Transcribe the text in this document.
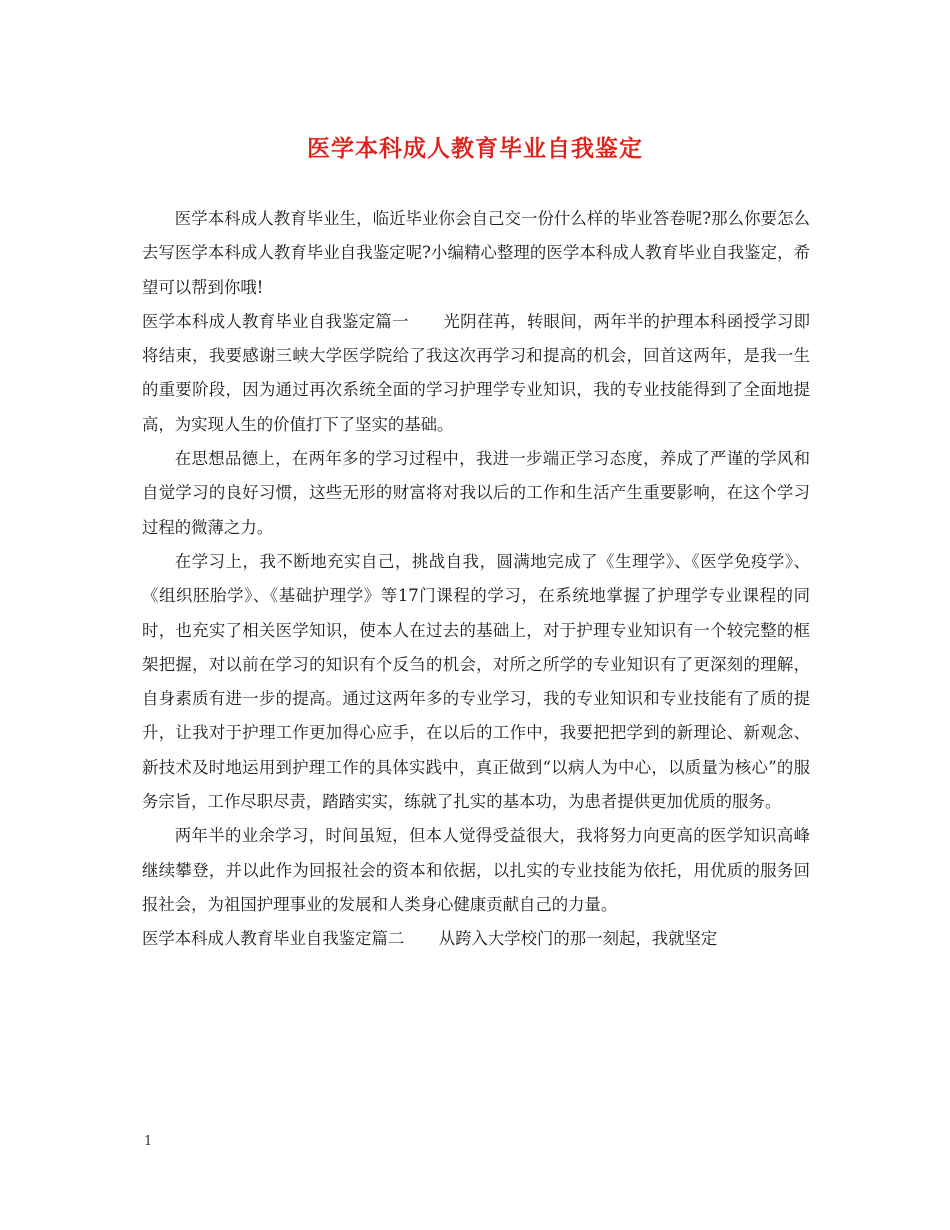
医学本科成人教育毕业自我鉴定

医学本科成人教育毕业生，临近毕业你会自己交一份什么样的毕业答卷呢?那么你要怎么去写医学本科成人教育毕业自我鉴定呢?小编精心整理的医学本科成人教育毕业自我鉴定，希望可以帮到你哦!

医学本科成人教育毕业自我鉴定篇一 光阴荏苒，转眼间，两年半的护理本科函授学习即将结束，我要感谢三峡大学医学院给了我这次再学习和提高的机会，回首这两年，是我一生的重要阶段，因为通过再次系统全面的学习护理学专业知识，我的专业技能得到了全面地提高，为实现人生的价值打下了坚实的基础。

在思想品德上，在两年多的学习过程中，我进一步端正学习态度，养成了严谨的学风和自觉学习的良好习惯，这些无形的财富将对我以后的工作和生活产生重要影响，在这个学习过程的微薄之力。

在学习上，我不断地充实自己，挑战自我，圆满地完成了《生理学》、《医学免疫学》、《组织胚胎学》、《基础护理学》等17门课程的学习，在系统地掌握了护理学专业课程的同时，也充实了相关医学知识，使本人在过去的基础上，对于护理专业知识有一个较完整的框架把握，对以前在学习的知识有个反刍的机会，对所之所学的专业知识有了更深刻的理解，自身素质有进一步的提高。通过这两年多的专业学习，我的专业知识和专业技能有了质的提升，让我对于护理工作更加得心应手，在以后的工作中，我要把把学到的新理论、新观念、新技术及时地运用到护理工作的具体实践中，真正做到“以病人为中心，以质量为核心”的服务宗旨，工作尽职尽责，踏踏实实，练就了扎实的基本功，为患者提供更加优质的服务。

两年半的业余学习，时间虽短，但本人觉得受益很大，我将努力向更高的医学知识高峰继续攀登，并以此作为回报社会的资本和依据，以扎实的专业技能为依托，用优质的服务回报社会，为祖国护理事业的发展和人类身心健康贡献自己的力量。

医学本科成人教育毕业自我鉴定篇二 从跨入大学校门的那一刻起，我就坚定

1
